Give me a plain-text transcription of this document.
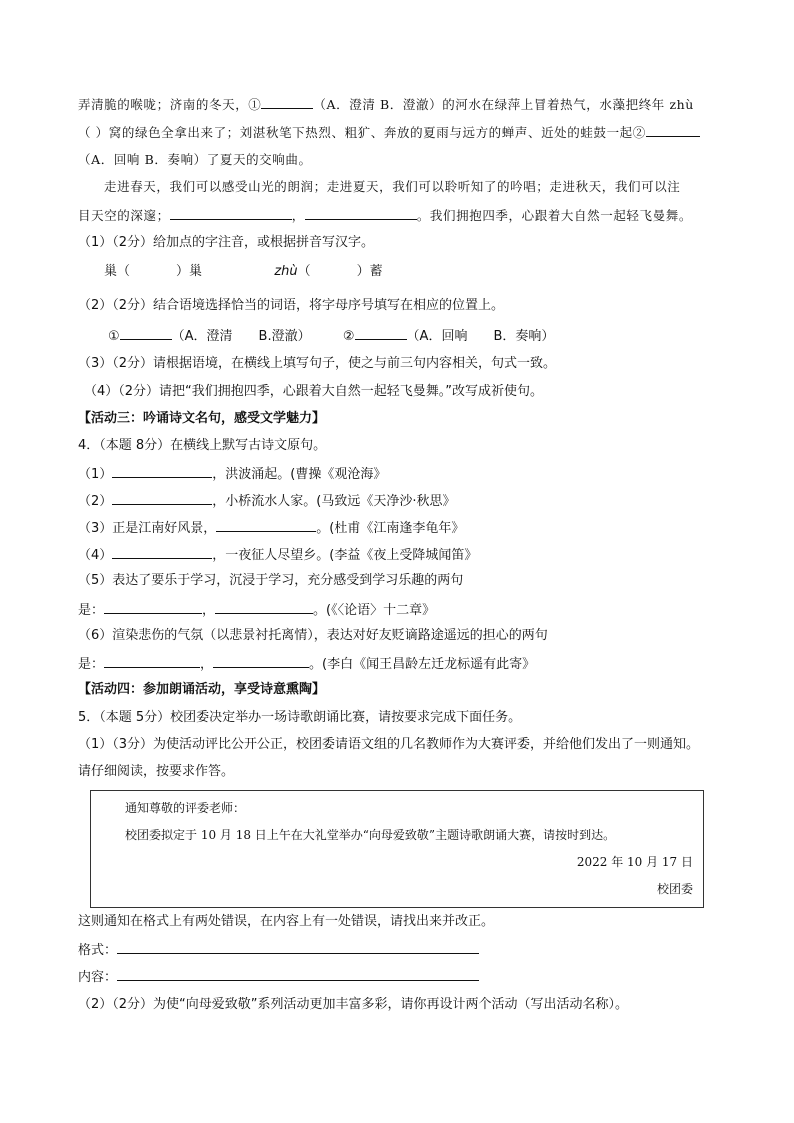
弄清脆的喉咙；济南的冬天，①	（A．澄清 B．澄澈）的河水在绿萍上冒着热气，水藻把终年 zhù
（ ）窝的绿色全拿出来了；刘湛秋笔下热烈、粗犷、奔放的夏雨与远方的蝉声、近处的蛙鼓一起②
（A．回响 B．奏响）了夏天的交响曲。
走进春天，我们可以感受山光的朗润；走进夏天，我们可以聆听知了的吟唱；走进秋天，我们可以注
目天空的深邃；	，	。我们拥抱四季，心跟着大自然一起轻飞曼舞。
（1）（2分）给加点的字注音，或根据拼音写汉字。
巢（	）巢	zhù（	）蓄
（2）（2分）结合语境选择恰当的词语，将字母序号填写在相应的位置上。
①	（A．澄清　　B.澄澈） ②	（A．回响　　B．奏响）
（3）（2分）请根据语境，在横线上填写句子，使之与前三句内容相关，句式一致。
（4）（2分）请把“我们拥抱四季，心跟着大自然一起轻飞曼舞。”改写成祈使句。
【活动三：吟诵诗文名句，感受文学魅力】
4．（本题 8分）在横线上默写古诗文原句。
（1）	，洪波涌起。(曹操《观沧海》
（2）	，小桥流水人家。(马致远《天净沙·秋思》
（3）正是江南好风景，	。(杜甫《江南逢李龟年》
（4）	，一夜征人尽望乡。(李益《夜上受降城闻笛》
（5）表达了要乐于学习，沉浸于学习，充分感受到学习乐趣的两句
是：	，	。(《〈论语〉十二章》
（6）渲染悲伤的气氛（以悲景衬托离情），表达对好友贬谪路途遥远的担心的两句
是：	，	。(李白《闻王昌龄左迁龙标遥有此寄》
【活动四：参加朗诵活动，享受诗意熏陶】
5．（本题 5分）校团委决定举办一场诗歌朗诵比赛，请按要求完成下面任务。
（1）（3分）为使活动评比公开公正，校团委请语文组的几名教师作为大赛评委，并给他们发出了一则通知。
请仔细阅读，按要求作答。
通知尊敬的评委老师：
校团委拟定于 10 月 18 日上午在大礼堂举办“向母爱致敬”主题诗歌朗诵大赛，请按时到达。
2022 年 10 月 17 日
校团委
这则通知在格式上有两处错误，在内容上有一处错误，请找出来并改正。
格式：
内容：
（2）（2分）为使“向母爱致敬”系列活动更加丰富多彩，请你再设计两个活动（写出活动名称）。
